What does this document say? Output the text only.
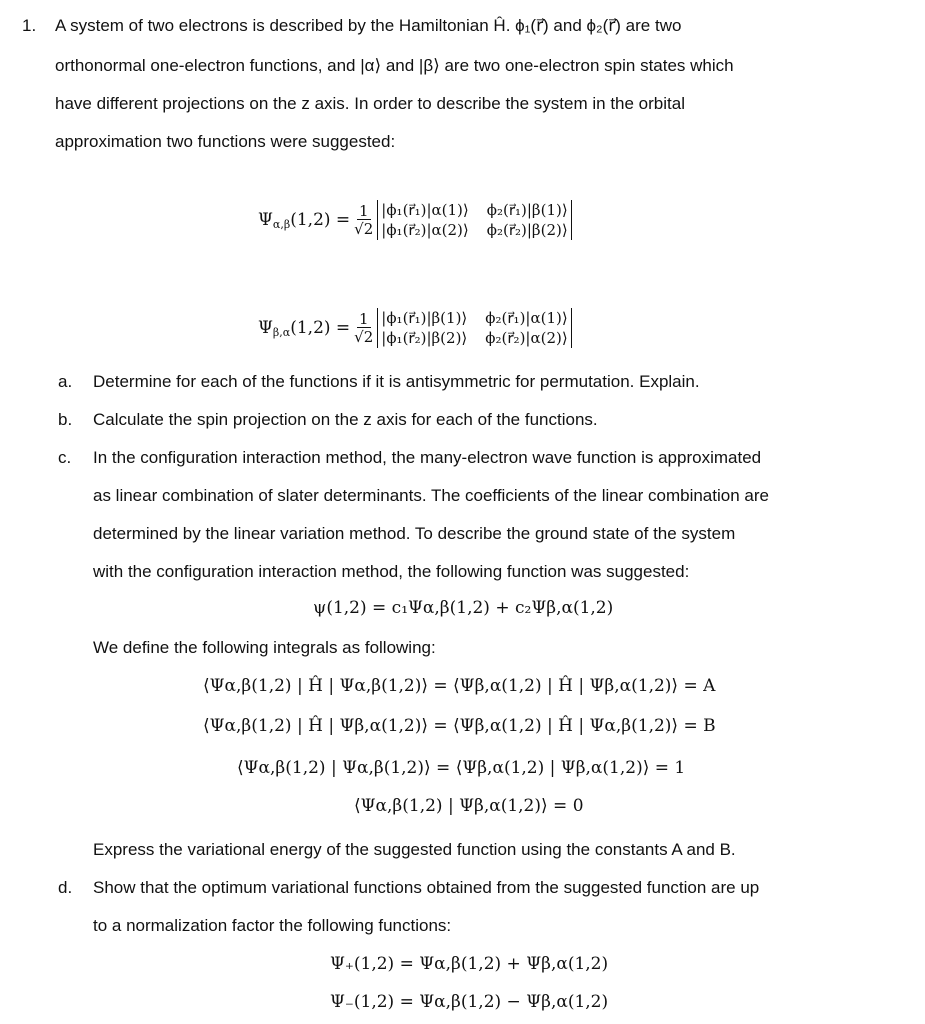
1. A system of two electrons is described by the Hamiltonian Ĥ. ϕ₁(r⃗) and ϕ₂(r⃗) are two
orthonormal one-electron functions, and |α⟩ and |β⟩ are two one-electron spin states which
have different projections on the z axis. In order to describe the system in the orbital
approximation two functions were suggested:
$\Psi_{\alpha,\beta}(1,2) = \frac{1}{√2}$ |ϕ₁(r⃗₁)|α(1)⟩ ϕ₂(r⃗₁)|β(1)⟩
|ϕ₁(r⃗₂)|α(2)⟩ ϕ₂(r⃗₂)|β(2)⟩
$\Psi_{\beta,\alpha}(1,2) = \frac{1}{√2}$ |ϕ₁(r⃗₁)|β(1)⟩ ϕ₂(r⃗₁)|α(1)⟩
|ϕ₁(r⃗₂)|β(2)⟩ ϕ₂(r⃗₂)|α(2)⟩
a. Determine for each of the functions if it is antisymmetric for permutation. Explain.
b. Calculate the spin projection on the z axis for each of the functions.
c. In the configuration interaction method, the many-electron wave function is approximated
as linear combination of slater determinants. The coefficients of the linear combination are
determined by the linear variation method. To describe the ground state of the system
with the configuration interaction method, the following function was suggested:
ψ(1,2) = c₁Ψα,β(1,2) + c₂Ψβ,α(1,2)
We define the following integrals as following:
⟨Ψα,β(1,2) | Ĥ | Ψα,β(1,2)⟩ = ⟨Ψβ,α(1,2) | Ĥ | Ψβ,α(1,2)⟩ = A
⟨Ψα,β(1,2) | Ĥ | Ψβ,α(1,2)⟩ = ⟨Ψβ,α(1,2) | Ĥ | Ψα,β(1,2)⟩ = B
⟨Ψα,β(1,2) | Ψα,β(1,2)⟩ = ⟨Ψβ,α(1,2) | Ψβ,α(1,2)⟩ = 1
⟨Ψα,β(1,2) | Ψβ,α(1,2)⟩ = 0
Express the variational energy of the suggested function using the constants A and B.
d. Show that the optimum variational functions obtained from the suggested function are up
to a normalization factor the following functions:
Ψ₊(1,2) = Ψα,β(1,2) + Ψβ,α(1,2)
Ψ₋(1,2) = Ψα,β(1,2) − Ψβ,α(1,2)
